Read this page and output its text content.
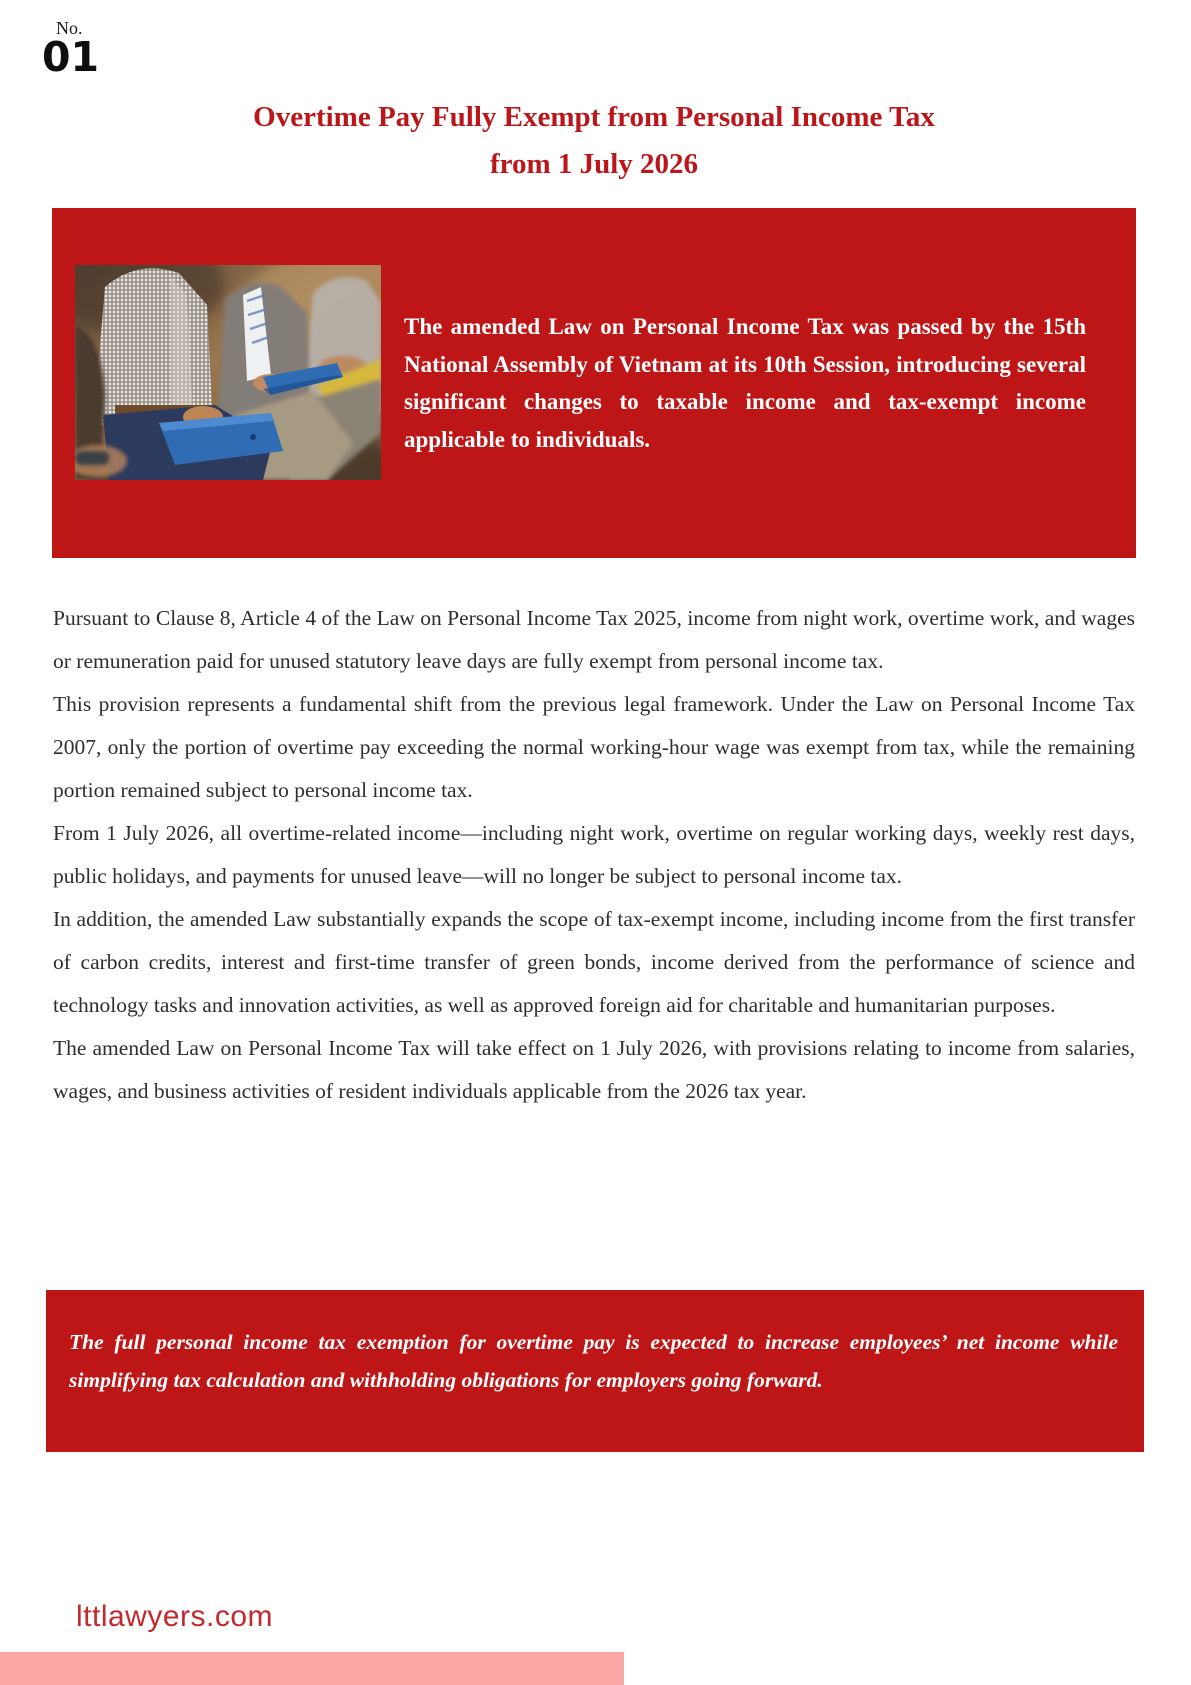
No.
01
Overtime Pay Fully Exempt from Personal Income Tax
from 1 July 2026

The amended Law on Personal Income Tax was passed by the 15th National Assembly of Vietnam at its 10th Session, introducing several significant changes to taxable income and tax-exempt income applicable to individuals.

Pursuant to Clause 8, Article 4 of the Law on Personal Income Tax 2025, income from night work, overtime work, and wages or remuneration paid for unused statutory leave days are fully exempt from personal income tax.

This provision represents a fundamental shift from the previous legal framework. Under the Law on Personal Income Tax 2007, only the portion of overtime pay exceeding the normal working-hour wage was exempt from tax, while the remaining portion remained subject to personal income tax.

From 1 July 2026, all overtime-related income—including night work, overtime on regular working days, weekly rest days, public holidays, and payments for unused leave—will no longer be subject to personal income tax.

In addition, the amended Law substantially expands the scope of tax-exempt income, including income from the first transfer of carbon credits, interest and first-time transfer of green bonds, income derived from the performance of science and technology tasks and innovation activities, as well as approved foreign aid for charitable and humanitarian purposes.

The amended Law on Personal Income Tax will take effect on 1 July 2026, with provisions relating to income from salaries, wages, and business activities of resident individuals applicable from the 2026 tax year.

The full personal income tax exemption for overtime pay is expected to increase employees’ net income while simplifying tax calculation and withholding obligations for employers going forward.

lttlawyers.com
